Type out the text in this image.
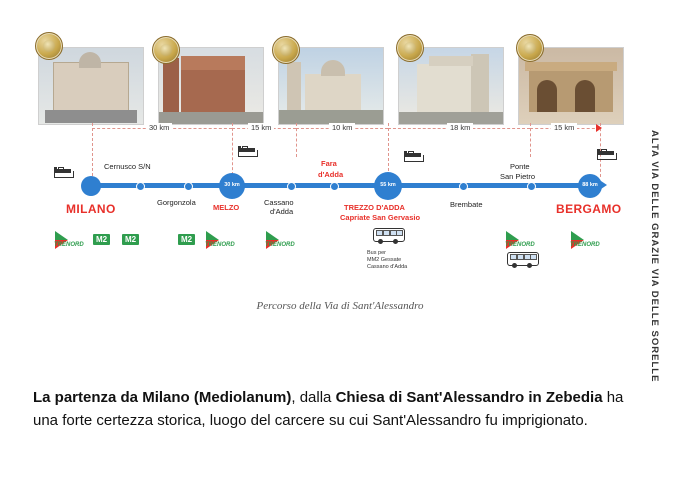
30 km	15 km	10 km	18 km	15 km
30 km	55 km	88 km
MILANO
Cernusco S/N
Gorgonzola
MELZO
Cassano
d'Adda
Fara
d'Adda
TREZZO D'ADDA
Capriate San Gervasio
Brembate
Ponte
San Pietro
BERGAMO	ALTA VIA DELLE GRAZIE VIA DELLE SORELLE
TRENORD
M2 M2	M2
TRENORD	TRENORD
Bus per
MM2 Gessate
Cassano d'Adda
TRENORD	TRENORD
Percorso della Via di Sant'Alessandro
La partenza da Milano (Mediolanum), dalla Chiesa di Sant'Alessandro in Zebedia ha una forte certezza storica, luogo del carcere su cui Sant'Alessandro fu imprigionato.
